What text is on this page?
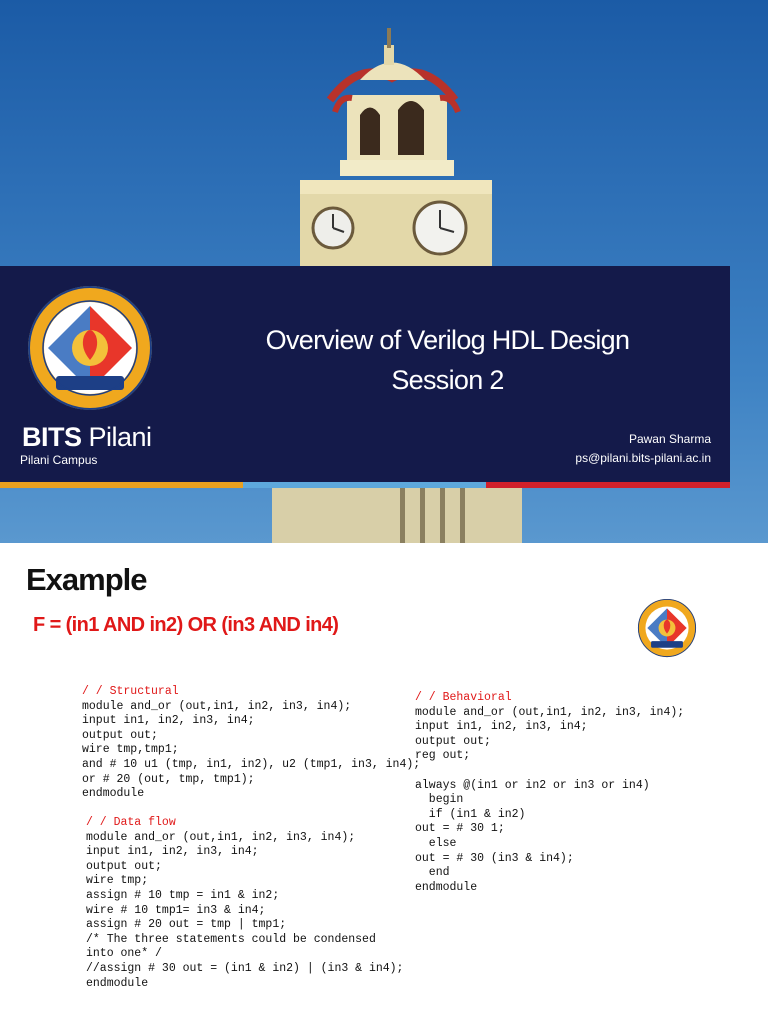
BITS Pilani
Pilani Campus
Overview of Verilog HDL Design
Session 2
Pawan Sharma
ps@pilani.bits-pilani.ac.in
Example
F = (in1 AND in2) OR (in3 AND in4)
/ / Structural
module and_or (out,in1, in2, in3, in4);
input in1, in2, in3, in4;
output out;
wire tmp,tmp1;
and # 10 u1 (tmp, in1, in2), u2 (tmp1, in3, in4);
or # 20 (out, tmp, tmp1);
endmodule
/ / Data flow
module and_or (out,in1, in2, in3, in4);
input in1, in2, in3, in4;
output out;
wire tmp;
assign # 10 tmp = in1 & in2;
wire # 10 tmp1= in3 & in4;
assign # 20 out = tmp | tmp1;
/* The three statements could be condensed
into one* /
//assign # 30 out = (in1 & in2) | (in3 & in4);
endmodule
/ / Behavioral
module and_or (out,in1, in2, in3, in4);
input in1, in2, in3, in4;
output out;
reg out;

always @(in1 or in2 or in3 or in4)
begin
if (in1 & in2)
out = # 30 1;
else
out = # 30 (in3 & in4);
end
endmodule
